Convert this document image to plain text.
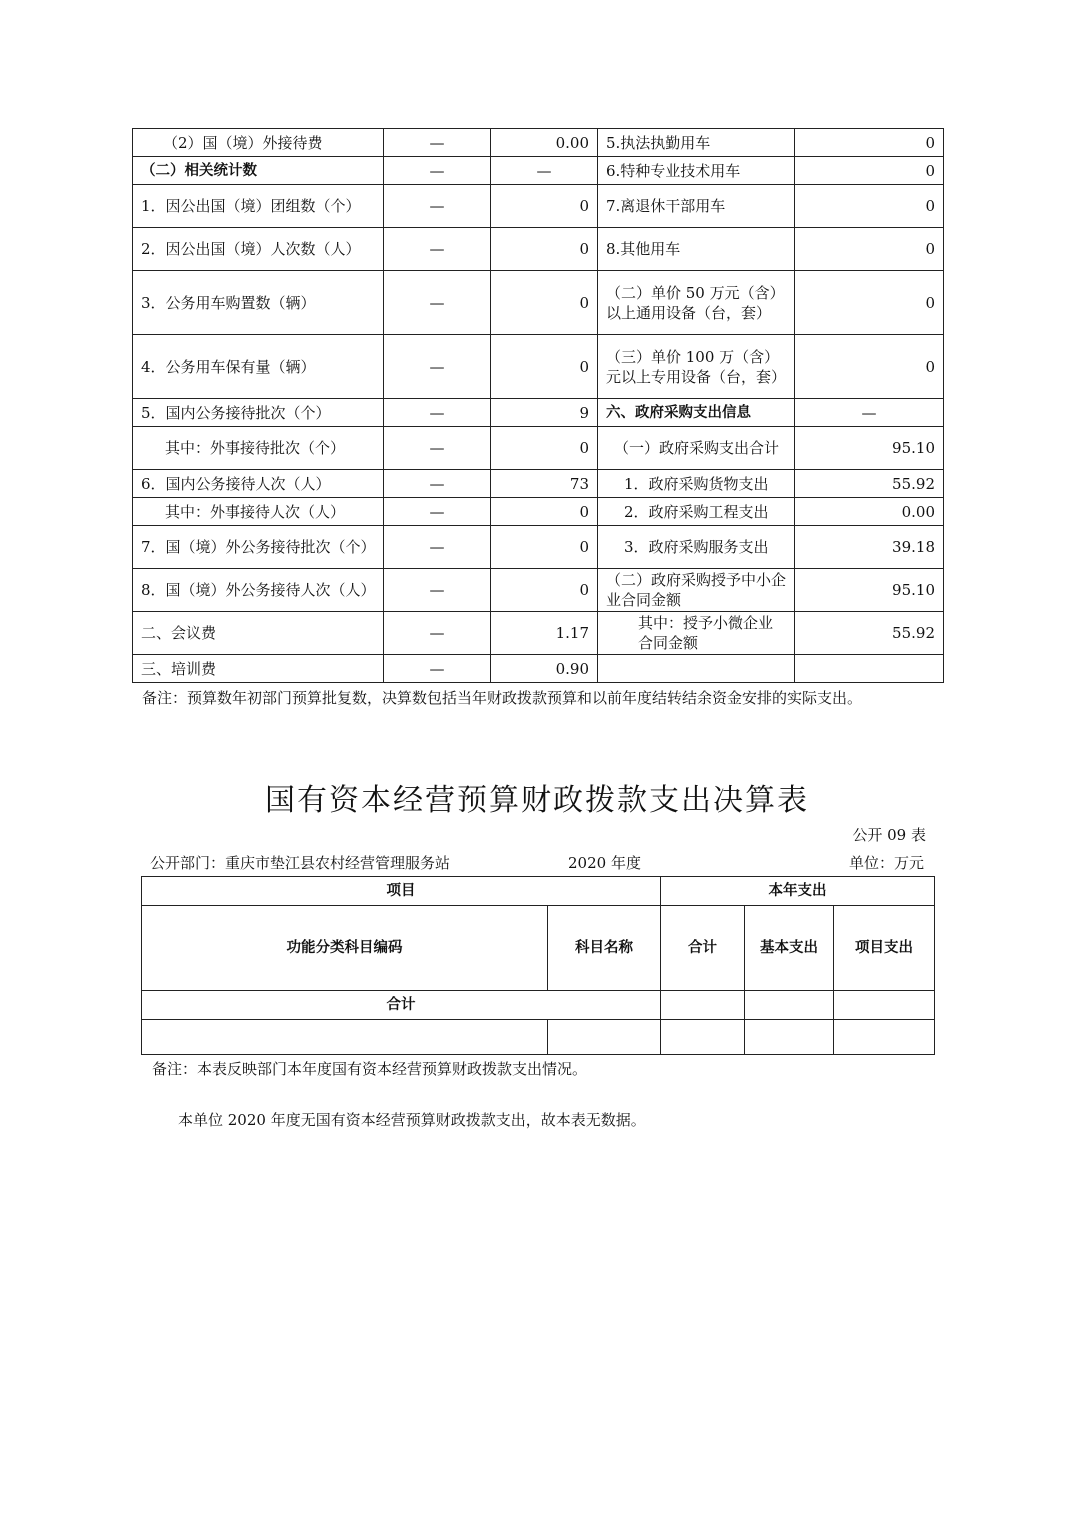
（2）国（境）外接待费	—	0.00	5.执法执勤用车	0
（二）相关统计数	—	—	6.特种专业技术用车	0
1．因公出国（境）团组数（个）	—	0	7.离退休干部用车	0
2．因公出国（境）人次数（人）	—	0	8.其他用车	0
3．公务用车购置数（辆）	—	0	（二）单价 50 万元（含）以上通用设备（台，套）	0
4．公务用车保有量（辆）	—	0	（三）单价 100 万（含）元以上专用设备（台，套）	0
5．国内公务接待批次（个）	—	9	六、政府采购支出信息	—
其中：外事接待批次（个）	—	0	（一）政府采购支出合计	95.10
6．国内公务接待人次（人）	—	73	1．政府采购货物支出	55.92
其中：外事接待人次（人）	—	0	2．政府采购工程支出	0.00
7．国（境）外公务接待批次（个）	—	0	3．政府采购服务支出	39.18
8．国（境）外公务接待人次（人）	—	0	（二）政府采购授予中小企业合同金额	95.10
二、会议费	—	1.17	其中：授予小微企业合同金额	55.92
三、培训费	—	0.90		
备注：预算数年初部门预算批复数，决算数包括当年财政拨款预算和以前年度结转结余资金安排的实际支出。
国有资本经营预算财政拨款支出决算表
公开 09 表
公开部门：重庆市垫江县农村经营管理服务站	2020 年度	单位：万元
项目		本年支出		
功能分类科目编码	科目名称	合计	基本支出	项目支出
合计				

备注：本表反映部门本年度国有资本经营预算财政拨款支出情况。
本单位 2020 年度无国有资本经营预算财政拨款支出，故本表无数据。
